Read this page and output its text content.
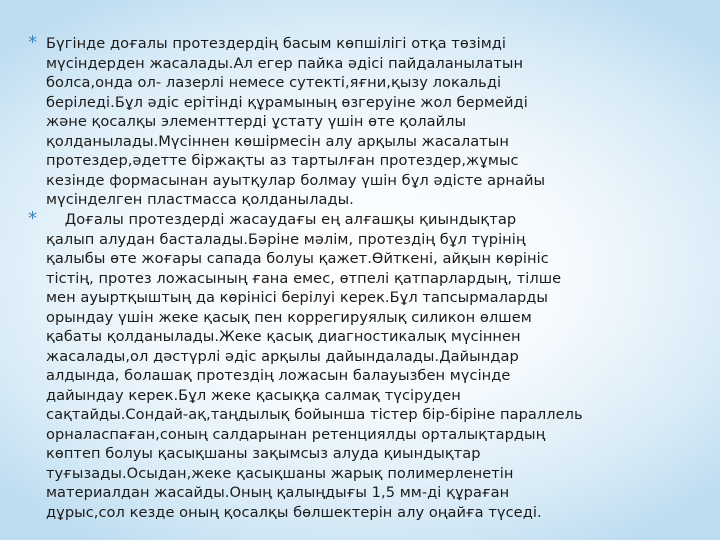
* Бүгінде доғалы протездердің басым көпшілігі отқа төзімді
мүсіндерден жасалады.Ал егер пайка әдісі пайдаланылатын
болса,онда ол- лазерлі немесе сутекті,яғни,қызу локальді
беріледі.Бұл әдіс ерітінді құрамының өзгеруіне жол бермейді
және қосалқы элементтерді ұстату үшін өте қолайлы
қолданылады.Мүсіннен көшірмесін алу арқылы жасалатын
протездер,әдетте біржақты аз тартылған протездер,жұмыс
кезінде формасынан ауытқулар болмау үшін бұл әдісте арнайы
мүсінделген пластмасса қолданылады.
* Доғалы протездерді жасаудағы ең алғашқы қиындықтар
қалып алудан басталады.Бәріне мәлім, протездің бұл түрінің
қалыбы өте жоғары сапада болуы қажет.Өйткені, айқын көрініс
тістің, протез ложасының ғана емес, өтпелі қатпарлардың, тілше
мен ауыртқыштың да көрінісі берілуі керек.Бұл тапсырмаларды
орындау үшін жеке қасық пен коррегируялық силикон өлшем
қабаты қолданылады.Жеке қасық диагностикалық мүсіннен
жасалады,ол дәстүрлі әдіс арқылы дайындалады.Дайындар
алдында, болашақ протездің ложасын балауызбен мүсінде
дайындау керек.Бұл жеке қасыққа салмақ түсіруден
сақтайды.Сондай-ақ,таңдылық бойынша тістер бір-біріне параллель
орналаспаған,соның салдарынан ретенциялды орталықтардың
көптеп болуы қасықшаны зақымсыз алуда қиындықтар
туғызады.Осыдан,жеке қасықшаны жарық полимерленетін
материалдан жасайды.Оның қалыңдығы 1,5 мм-ді құраған
дұрыс,сол кезде оның қосалқы бөлшектерін алу оңайға түседі.
